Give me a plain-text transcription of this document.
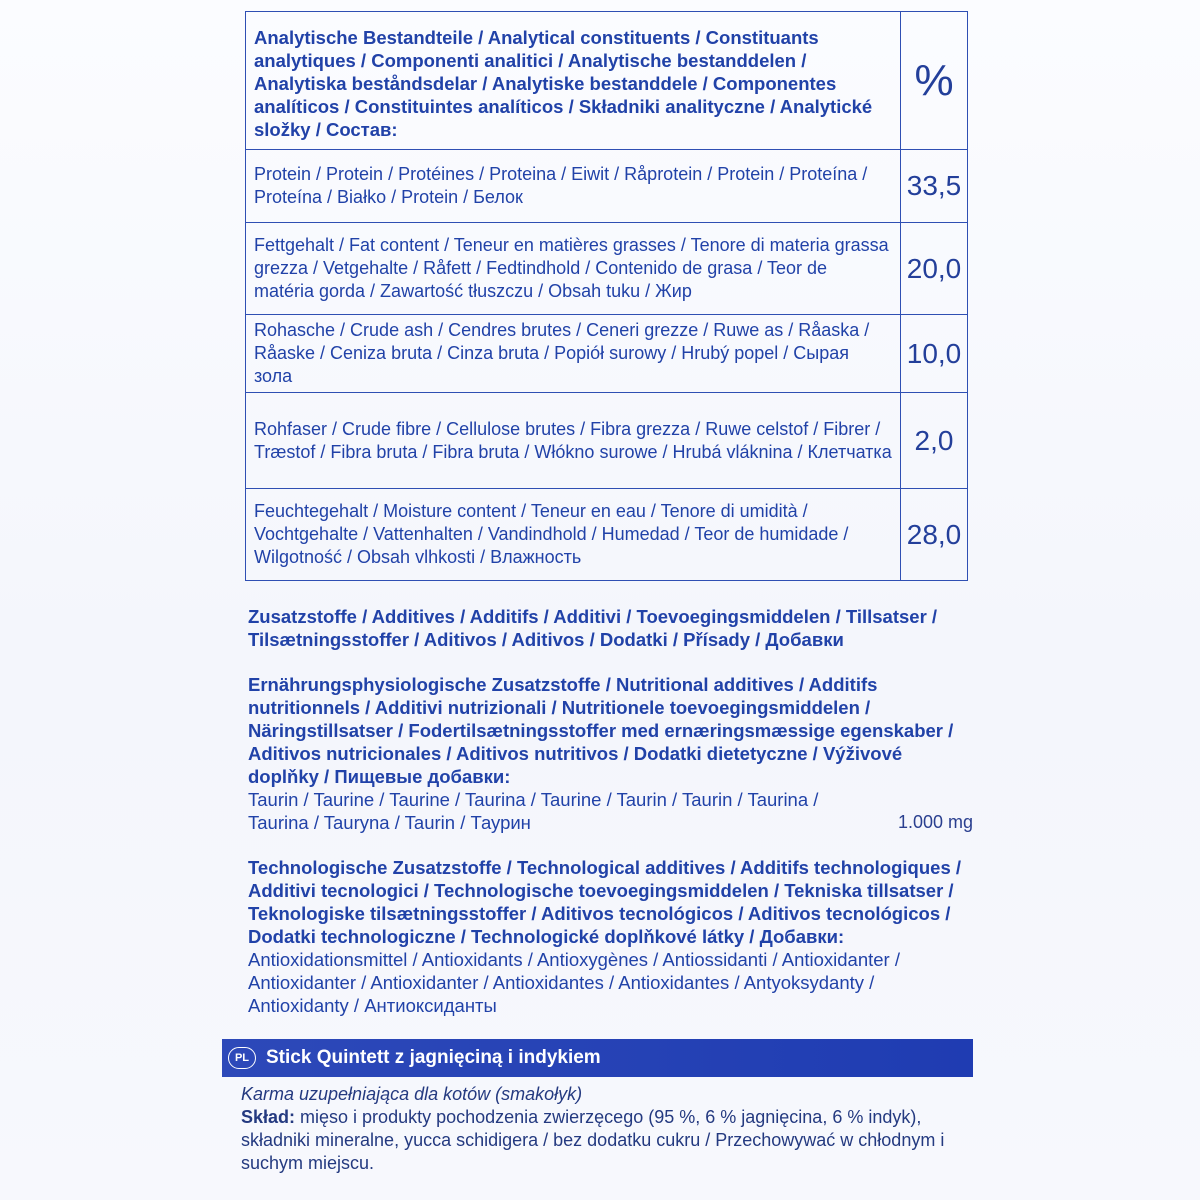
Analytische Bestandteile / Analytical constituents / Constituants analytiques / Componenti analitici / Analytische bestanddelen / Analytiska beståndsdelar / Analytiske bestanddele / Componentes analíticos / Constituintes analíticos / Składniki analityczne / Analytické složky / Состав:	%
Protein / Protein / Protéines / Proteina / Eiwit / Råprotein / Protein / Proteína / Proteína / Białko / Protein / Белок	33,5
Fettgehalt / Fat content / Teneur en matières grasses / Tenore di materia grassa grezza / Vetgehalte / Råfett / Fedtindhold / Contenido de grasa / Teor de matéria gorda / Zawartość tłuszczu / Obsah tuku / Жир	20,0
Rohasche / Crude ash / Cendres brutes / Ceneri grezze / Ruwe as / Råaska / Råaske / Ceniza bruta / Cinza bruta / Popiół surowy / Hrubý popel / Сырая зола	10,0
Rohfaser / Crude fibre / Cellulose brutes / Fibra grezza / Ruwe celstof / Fibrer / Træstof / Fibra bruta / Fibra bruta / Włókno surowe / Hrubá vláknina / Клетчатка	2,0
Feuchtegehalt / Moisture content / Teneur en eau / Tenore di umidità / Vochtgehalte / Vattenhalten / Vandindhold / Humedad / Teor de humidade / Wilgotność / Obsah vlhkosti / Влажность	28,0
Zusatzstoffe / Additives / Additifs / Additivi / Toevoegingsmiddelen / Tillsatser / Tilsætningsstoffer / Aditivos / Aditivos / Dodatki / Přísady / Добавки
Ernährungsphysiologische Zusatzstoffe / Nutritional additives / Additifs nutritionnels / Additivi nutrizionali / Nutritionele toevoegingsmiddelen / Näringstillsatser / Fodertilsætningsstoffer med ernæringsmæssige egenskaber / Aditivos nutricionales / Aditivos nutritivos / Dodatki dietetyczne / Výživové doplňky / Пищевые добавки:
Taurin / Taurine / Taurine / Taurina / Taurine / Taurin / Taurin / Taurina / Taurina / Tauryna / Taurin / Таурин	1.000 mg
Technologische Zusatzstoffe / Technological additives / Additifs technologiques / Additivi tecnologici / Technologische toevoegingsmiddelen / Tekniska tillsatser / Teknologiske tilsætningsstoffer / Aditivos tecnológicos / Aditivos tecnológicos / Dodatki technologiczne / Technologické doplňkové látky / Добавки:
Antioxidationsmittel / Antioxidants / Antioxygènes / Antiossidanti / Antioxidanter / Antioxidanter / Antioxidanter / Antioxidantes / Antioxidantes / Antyoksydanty / Antioxidanty / Антиоксиданты
PL Stick Quintett z jagnięciną i indykiem
Karma uzupełniająca dla kotów (smakołyk)
Skład: mięso i produkty pochodzenia zwierzęcego (95 %, 6 % jagnięcina, 6 % indyk), składniki mineralne, yucca schidigera / bez dodatku cukru / Przechowywać w chłodnym i suchym miejscu.
